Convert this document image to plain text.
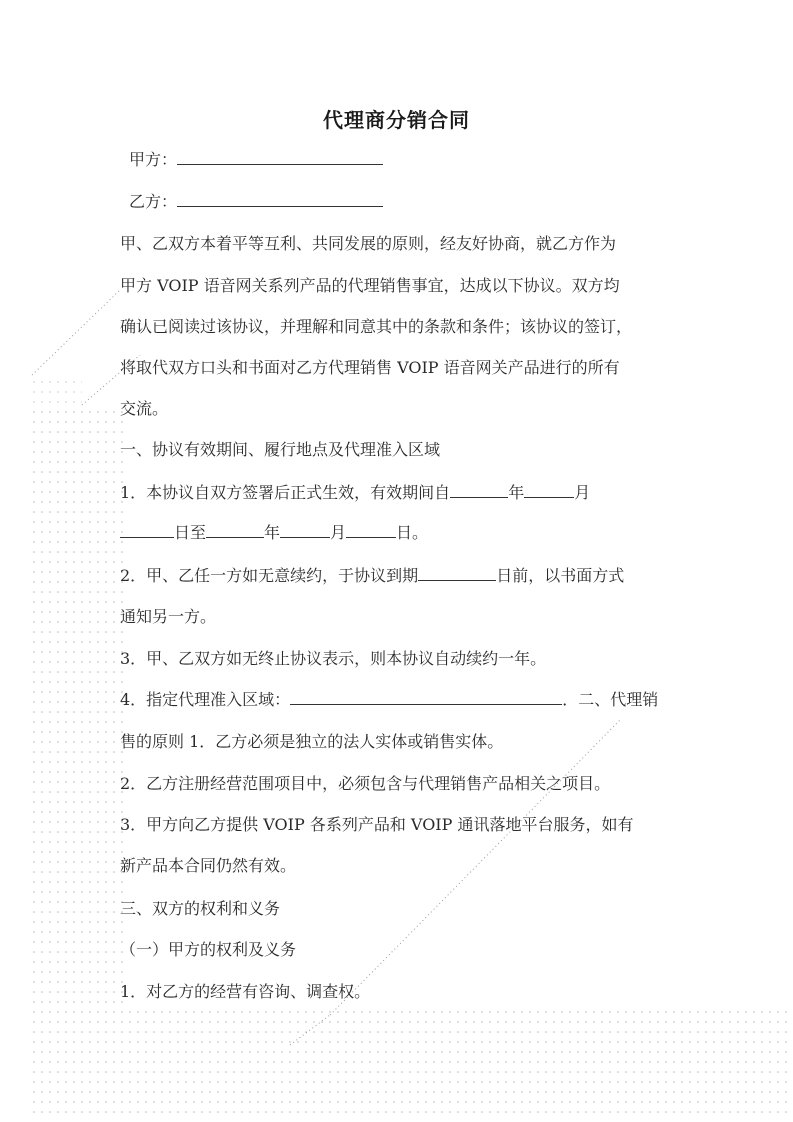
代理商分销合同
甲方：
乙方：
甲、乙双方本着平等互利、共同发展的原则，经友好协商，就乙方作为
甲方 VOIP 语音网关系列产品的代理销售事宜，达成以下协议。双方均
确认已阅读过该协议，并理解和同意其中的条款和条件；该协议的签订，
将取代双方口头和书面对乙方代理销售 VOIP 语音网关产品进行的所有
交流。
一、协议有效期间、履行地点及代理准入区域
1．本协议自双方签署后正式生效，有效期间自	年	月
日至	年	月	日。
2．甲、乙任一方如无意续约，于协议到期	日前，以书面方式
通知另一方。
3．甲、乙双方如无终止协议表示，则本协议自动续约一年。
4．指定代理准入区域：	．二、代理销
售的原则 1．乙方必须是独立的法人实体或销售实体。
2．乙方注册经营范围项目中，必须包含与代理销售产品相关之项目。
3．甲方向乙方提供 VOIP 各系列产品和 VOIP 通讯落地平台服务，如有
新产品本合同仍然有效。
三、双方的权利和义务
（一）甲方的权利及义务
1．对乙方的经营有咨询、调查权。
